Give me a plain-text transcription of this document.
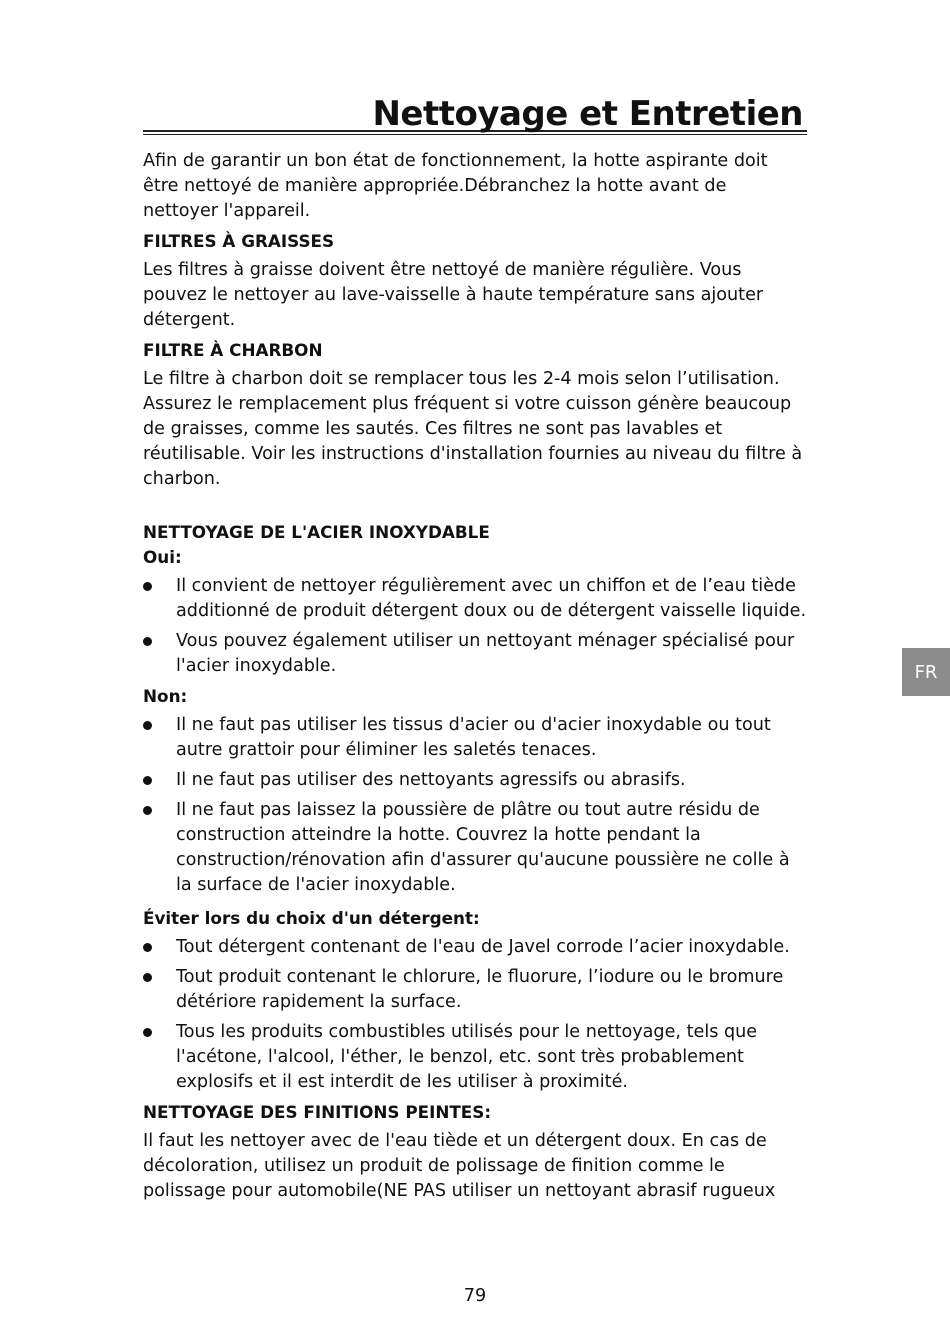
Nettoyage et Entretien

Afin de garantir un bon état de fonctionnement, la hotte aspirante doit être nettoyé de manière appropriée.Débranchez la hotte avant de nettoyer l'appareil.

FILTRES À GRAISSES

Les filtres à graisse doivent être nettoyé de manière régulière. Vous pouvez le nettoyer au lave-vaisselle à haute température sans ajouter détergent.

FILTRE À CHARBON

Le filtre à charbon doit se remplacer tous les 2-4 mois selon l’utilisation. Assurez le remplacement plus fréquent si votre cuisson génère beaucoup de graisses, comme les sautés. Ces filtres ne sont pas lavables et réutilisable. Voir les instructions d'installation fournies au niveau du filtre à charbon.

NETTOYAGE DE L'ACIER INOXYDABLE
Oui:
Il convient de nettoyer régulièrement avec un chiffon et de l’eau tiède additionné de produit détergent doux ou de détergent vaisselle liquide.
Vous pouvez également utiliser un nettoyant ménager spécialisé pour l'acier inoxydable.
Non:
Il ne faut pas utiliser les tissus d'acier ou d'acier inoxydable ou tout autre grattoir pour éliminer les saletés tenaces.
Il ne faut pas utiliser des nettoyants agressifs ou abrasifs.
Il ne faut pas laissez la poussière de plâtre ou tout autre résidu de construction atteindre la hotte. Couvrez la hotte pendant la construction/rénovation afin d'assurer qu'aucune poussière ne colle à la surface de l'acier inoxydable.
Éviter lors du choix d'un détergent:
Tout détergent contenant de l'eau de Javel corrode l’acier inoxydable.
Tout produit contenant le chlorure, le fluorure, l’iodure ou le bromure détériore rapidement la surface.
Tous les produits combustibles utilisés pour le nettoyage, tels que l'acétone, l'alcool, l'éther, le benzol, etc. sont très probablement explosifs et il est interdit de les utiliser à proximité.
NETTOYAGE DES FINITIONS PEINTES:

Il faut les nettoyer avec de l'eau tiède et un détergent doux. En cas de décoloration, utilisez un produit de polissage de finition comme le polissage pour automobile(NE PAS utiliser un nettoyant abrasif rugueux

FR
79
